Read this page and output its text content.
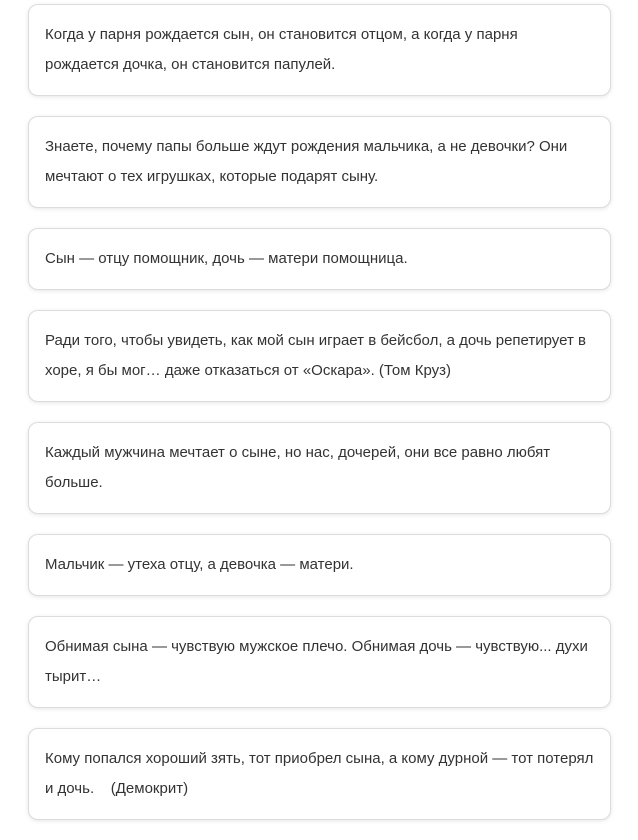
Когда у парня рождается сын, он становится отцом, а когда у парня рождается дочка, он становится папулей.

Знаете, почему папы больше ждут рождения мальчика, а не девочки? Они мечтают о тех игрушках, которые подарят сыну.

Сын — отцу помощник, дочь — матери помощница.

Ради того, чтобы увидеть, как мой сын играет в бейсбол, а дочь репетирует в хоре, я бы мог… даже отказаться от «Оскара». (Том Круз)

Каждый мужчина мечтает о сыне, но нас, дочерей, они все равно любят больше.

Мальчик — утеха отцу, а девочка — матери.

Обнимая сына — чувствую мужское плечо. Обнимая дочь — чувствую... духи тырит…

Кому попался хороший зять, тот приобрел сына, а кому дурной — тот потерял и дочь.    (Демокрит)
